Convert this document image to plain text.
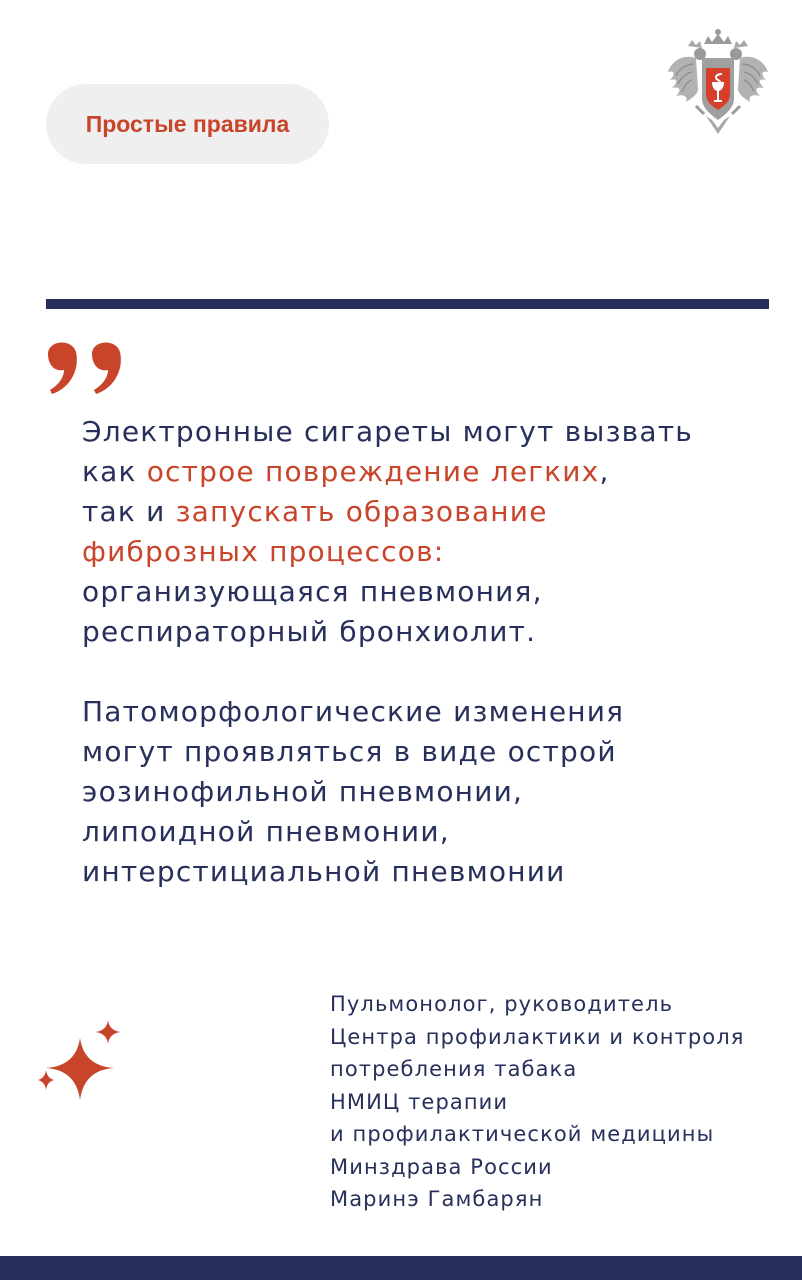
Простые правила

Электронные сигареты могут вызвать
как острое повреждение легких,
так и запускать образование
фиброзных процессов:
организующаяся пневмония,
респираторный бронхиолит.

Патоморфологические изменения
могут проявляться в виде острой
эозинофильной пневмонии,
липоидной пневмонии,
интерстициальной пневмонии

Пульмонолог, руководитель
Центра профилактики и контроля
потребления табака
НМИЦ терапии
и профилактической медицины
Минздрава России
Маринэ Гамбарян
